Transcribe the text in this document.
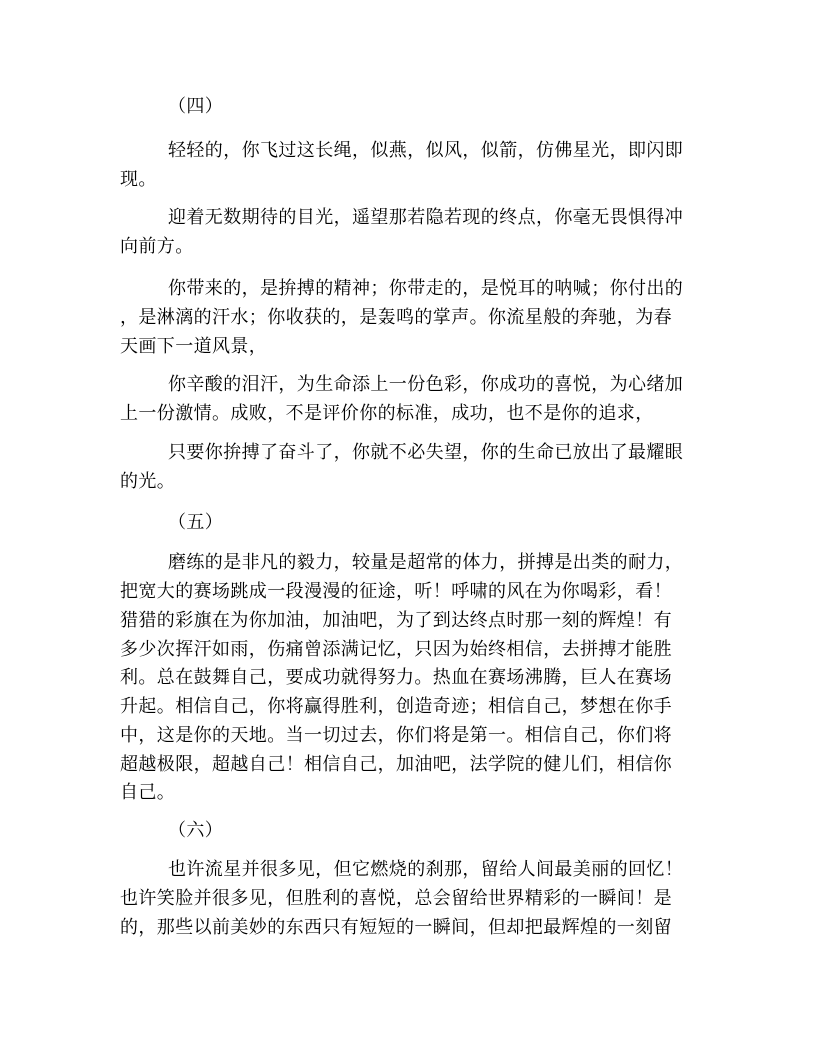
（四）
轻轻的，你飞过这长绳，似燕，似风，似箭，仿佛星光，即闪即
现。
迎着无数期待的目光，遥望那若隐若现的终点，你毫无畏惧得冲
向前方。
你带来的，是拚搏的精神；你带走的，是悦耳的呐喊；你付出的
，是淋漓的汗水；你收获的，是轰鸣的掌声。你流星般的奔驰，为春
天画下一道风景，
你辛酸的泪汗，为生命添上一份色彩，你成功的喜悦，为心绪加
上一份激情。成败，不是评价你的标准，成功，也不是你的追求，
只要你拚搏了奋斗了，你就不必失望，你的生命已放出了最耀眼
的光。
（五）
磨练的是非凡的毅力，较量是超常的体力，拼搏是出类的耐力，
把宽大的赛场跳成一段漫漫的征途，听！呼啸的风在为你喝彩，看！
猎猎的彩旗在为你加油，加油吧，为了到达终点时那一刻的辉煌！有
多少次挥汗如雨，伤痛曾添满记忆，只因为始终相信，去拼搏才能胜
利。总在鼓舞自己，要成功就得努力。热血在赛场沸腾，巨人在赛场
升起。相信自己，你将赢得胜利，创造奇迹；相信自己，梦想在你手
中，这是你的天地。当一切过去，你们将是第一。相信自己，你们将
超越极限，超越自己！相信自己，加油吧，法学院的健儿们，相信你
自己。
（六）
也许流星并很多见，但它燃烧的刹那，留给人间最美丽的回忆！
也许笑脸并很多见，但胜利的喜悦，总会留给世界精彩的一瞬间！是
的，那些以前美妙的东西只有短短的一瞬间，但却把最辉煌的一刻留
